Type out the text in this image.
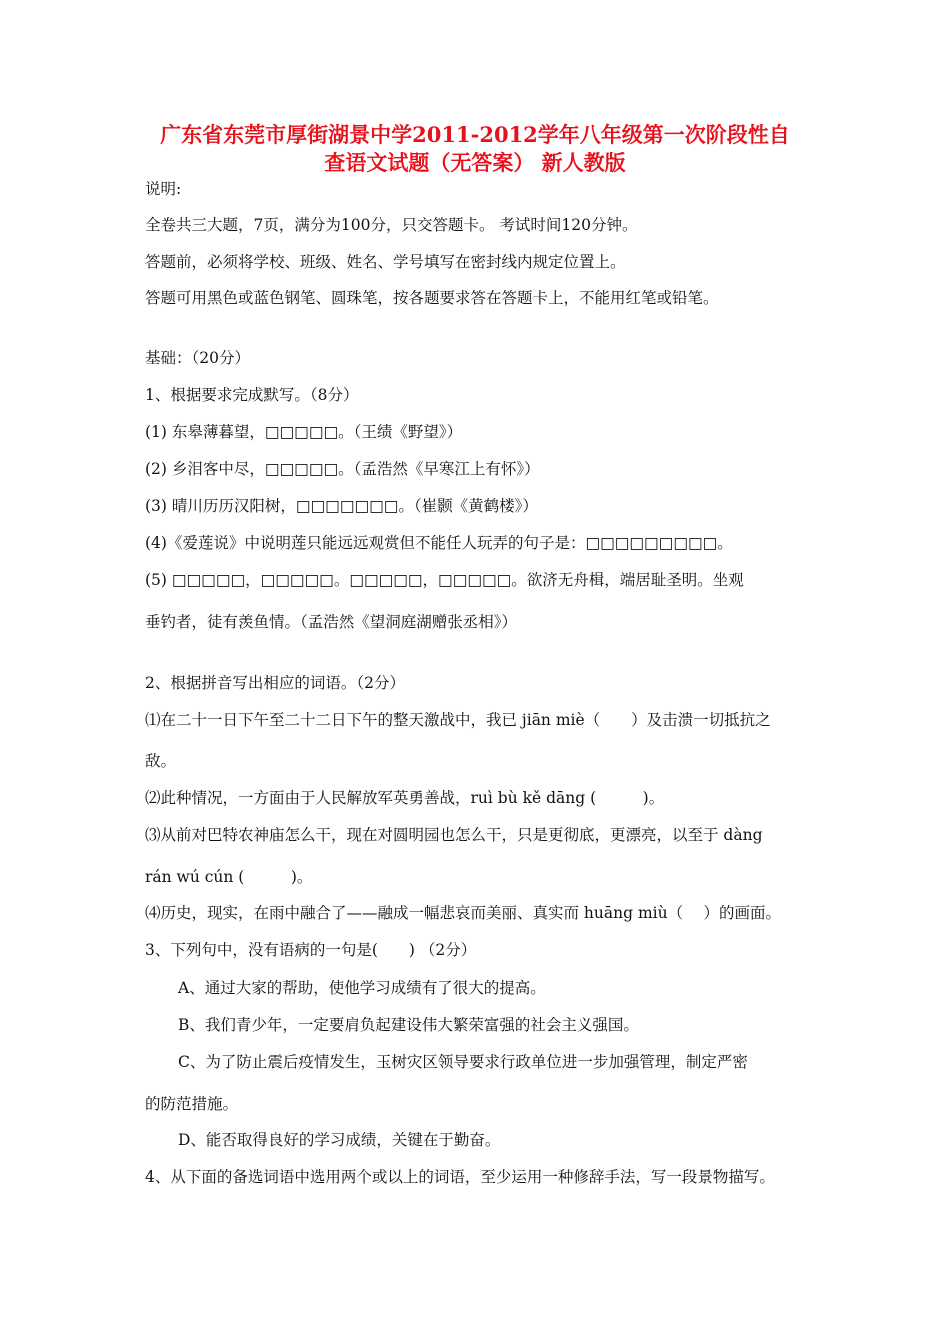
广东省东莞市厚街湖景中学2011-2012学年八年级第一次阶段性自
查语文试题（无答案） 新人教版

说明:

全卷共三大题，7页，满分为100分，只交答题卡。 考试时间120分钟。

答题前，必须将学校、班级、姓名、学号填写在密封线内规定位置上。

答题可用黑色或蓝色钢笔、圆珠笔，按各题要求答在答题卡上，不能用红笔或铅笔。

基础：（20分）

1、根据要求完成默写。（8分）

(1) 东皋薄暮望，□□□□□。（王绩《野望》）

(2) 乡泪客中尽，□□□□□。（孟浩然《早寒江上有怀》）

(3) 晴川历历汉阳树，□□□□□□□。（崔颢《黄鹤楼》）

(4)《爱莲说》中说明莲只能远远观赏但不能任人玩弄的句子是：□□□□□□□□□。

(5) □□□□□，□□□□□。□□□□□，□□□□□。欲济无舟楫，端居耻圣明。坐观

垂钓者，徒有羡鱼情。（孟浩然《望洞庭湖赠张丞相》）

2、根据拼音写出相应的词语。（2分）

⑴在二十一日下午至二十二日下午的整天激战中，我已 jiān miè（　　）及击溃一切抵抗之

敌。

⑵此种情况，一方面由于人民解放军英勇善战，ruì bù kě dāng (　　　)。

⑶从前对巴特农神庙怎么干，现在对圆明园也怎么干，只是更彻底，更漂亮，以至于 dàng

rán wú cún (　　　)。

⑷历史，现实，在雨中融合了——融成一幅悲哀而美丽、真实而 huāng miù（　 ）的画面。

3、下列句中，没有语病的一句是(　　) （2分）

A、通过大家的帮助，使他学习成绩有了很大的提高。

B、我们青少年，一定要肩负起建设伟大繁荣富强的社会主义强国。

C、为了防止震后疫情发生，玉树灾区领导要求行政单位进一步加强管理，制定严密

的防范措施。

D、能否取得良好的学习成绩，关键在于勤奋。

4、从下面的备选词语中选用两个或以上的词语，至少运用一种修辞手法，写一段景物描写。
